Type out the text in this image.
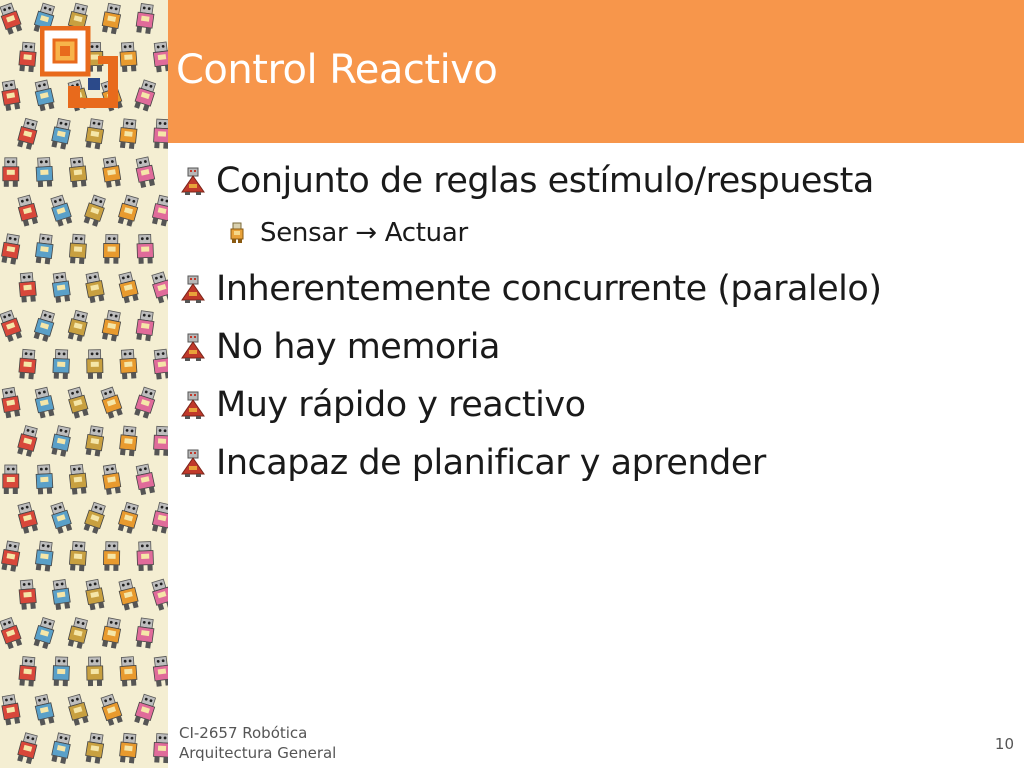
Control Reactivo
Conjunto de reglas estímulo/respuesta
Sensar → Actuar
Inherentemente concurrente (paralelo)
No hay memoria
Muy rápido y reactivo
Incapaz de planificar y aprender
CI-2657 Robótica
Arquitectura General	10
